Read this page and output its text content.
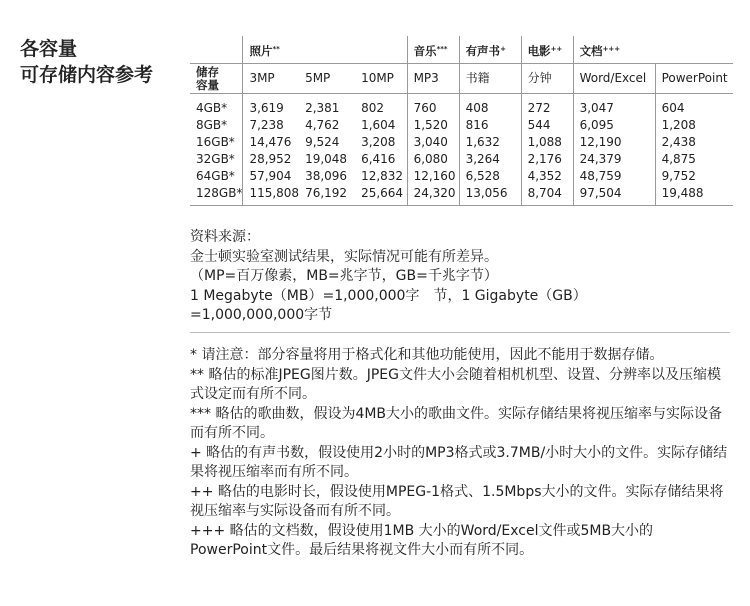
各容量
可存储内容参考
	照片**			音乐***	有声书+	电影++	文档+++

储存
容量	3MP	5MP	10MP	MP3	书籍	分钟	Word/Excel	PowerPoint
4GB*	3,619	2,381	802	760	408	272	3,047	604
8GB*	7,238	4,762	1,604	1,520	816	544	6,095	1,208
16GB*	14,476	9,524	3,208	3,040	1,632	1,088	12,190	2,438
32GB*	28,952	19,048	6,416	6,080	3,264	2,176	24,379	4,875
64GB*	57,904	38,096	12,832	12,160	6,528	4,352	48,759	9,752
128GB*	115,808	76,192	25,664	24,320	13,056	8,704	97,504	19,488
资料来源：
金士顿实验室测试结果，实际情况可能有所差异。
（MP=百万像素，MB=兆字节，GB=千兆字节）
1 Megabyte（MB）=1,000,000字　节，1 Gigabyte（GB）
=1,000,000,000字节
* 请注意：部分容量将用于格式化和其他功能使用，因此不能用于数据存储。
** 略估的标准JPEG图片数。JPEG文件大小会随着相机机型、设置、分辨率以及压缩模式设定而有所不同。
*** 略估的歌曲数，假设为4MB大小的歌曲文件。实际存储结果将视压缩率与实际设备而有所不同。
+ 略估的有声书数，假设使用2小时的MP3格式或3.7MB/小时大小的文件。实际存储结果将视压缩率而有所不同。
++ 略估的电影时长，假设使用MPEG-1格式、1.5Mbps大小的文件。实际存储结果将视压缩率与实际设备而有所不同。
+++ 略估的文档数，假设使用1MB 大小的Word/Excel文件或5MB大小的PowerPoint文件。最后结果将视文件大小而有所不同。
